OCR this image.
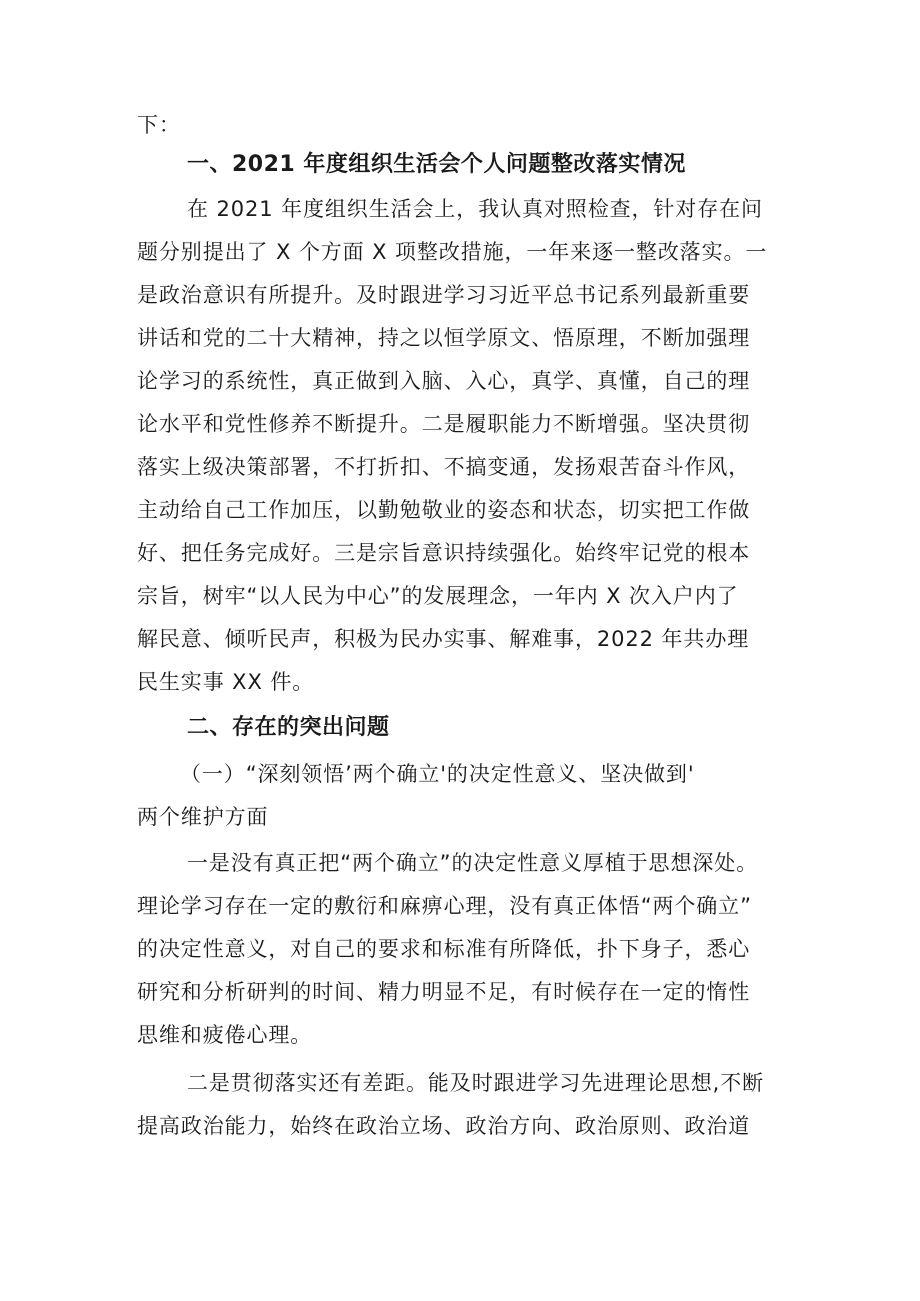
下：
一、2021 年度组织生活会个人问题整改落实情况
在 2021 年度组织生活会上，我认真对照检查，针对存在问
题分别提出了 X 个方面 X 项整改措施，一年来逐一整改落实。一
是政治意识有所提升。及时跟进学习习近平总书记系列最新重要
讲话和党的二十大精神，持之以恒学原文、悟原理，不断加强理
论学习的系统性，真正做到入脑、入心，真学、真懂，自己的理
论水平和党性修养不断提升。二是履职能力不断增强。坚决贯彻
落实上级决策部署，不打折扣、不搞变通，发扬艰苦奋斗作风，
主动给自己工作加压，以勤勉敬业的姿态和状态，切实把工作做
好、把任务完成好。三是宗旨意识持续强化。始终牢记党的根本
宗旨，树牢“以人民为中心”的发展理念，一年内 X 次入户内了
解民意、倾听民声，积极为民办实事、解难事，2022 年共办理
民生实事 XX 件。
二、存在的突出问题
（一）“深刻领悟’两个确立'的决定性意义、坚决做到'
两个维护方面
一是没有真正把“两个确立”的决定性意义厚植于思想深处。
理论学习存在一定的敷衍和麻痹心理，没有真正体悟“两个确立”
的决定性意义，对自己的要求和标准有所降低，扑下身子，悉心
研究和分析研判的时间、精力明显不足，有时候存在一定的惰性
思维和疲倦心理。
二是贯彻落实还有差距。能及时跟进学习先进理论思想,不断
提高政治能力，始终在政治立场、政治方向、政治原则、政治道
